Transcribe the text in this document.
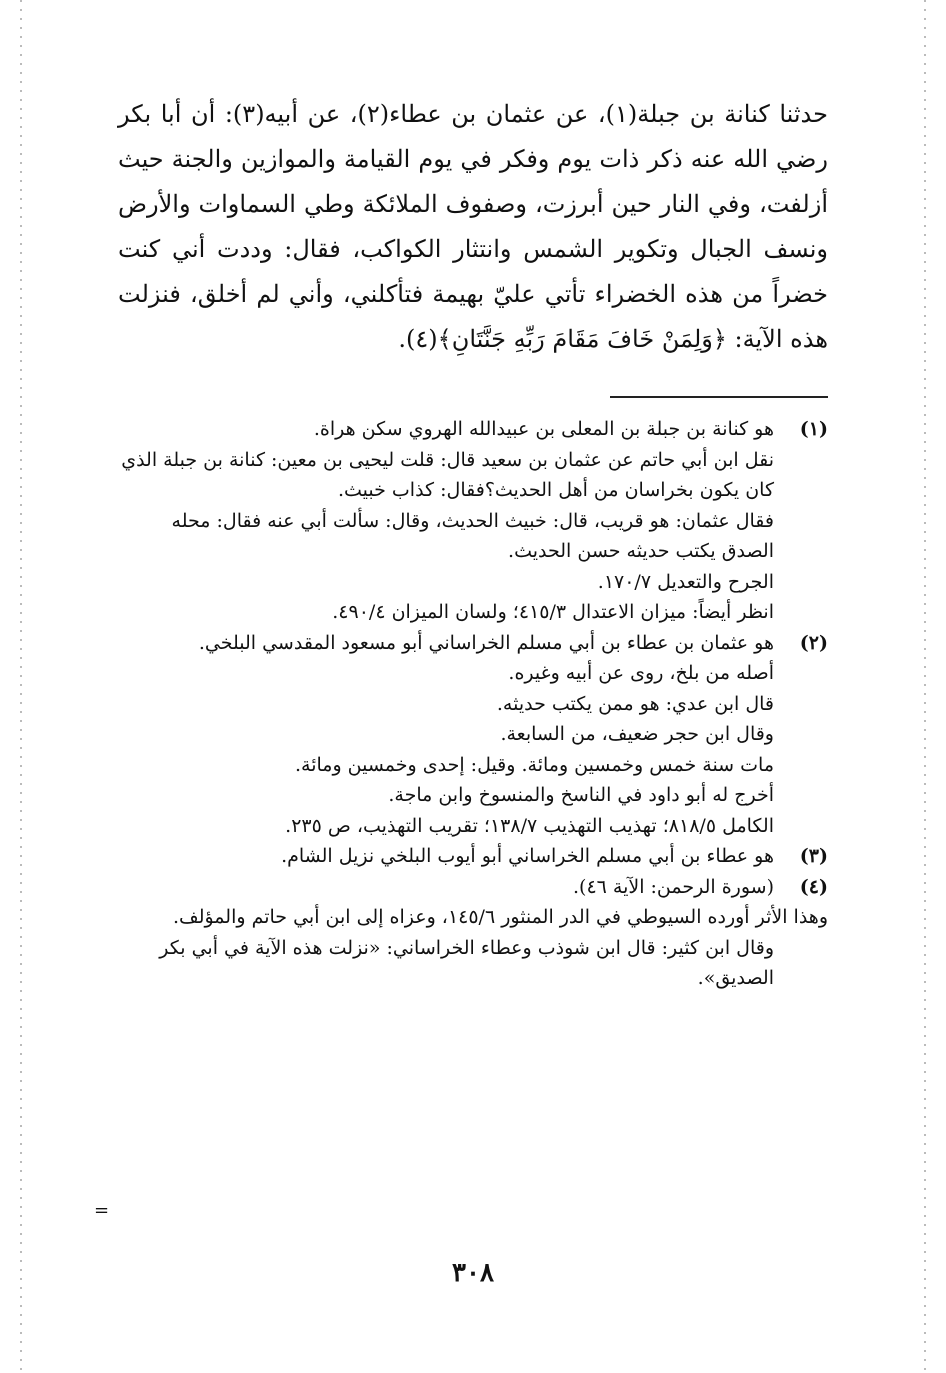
حدثنا كنانة بن جبلة(١)، عن عثمان بن عطاء(٢)، عن أبيه(٣): أن أبا بكر رضي الله عنه ذكر ذات يوم وفكر في يوم القيامة والموازين والجنة حيث أزلفت، وفي النار حين أبرزت، وصفوف الملائكة وطي السماوات والأرض ونسف الجبال وتكوير الشمس وانتثار الكواكب، فقال: وددت أني كنت خضراً من هذه الخضراء تأتي عليّ بهيمة فتأكلني، وأني لم أخلق، فنزلت هذه الآية: ﴿وَلِمَنْ خَافَ مَقَامَ رَبِّهِ جَنَّتَانِ﴾(٤).

(١)
هو كنانة بن جبلة بن المعلى بن عبيدالله الهروي سكن هراة.
نقل ابن أبي حاتم عن عثمان بن سعيد قال: قلت ليحيى بن معين: كنانة بن جبلة الذي كان يكون بخراسان من أهل الحديث؟فقال: كذاب خبيث.
فقال عثمان: هو قريب، قال: خبيث الحديث، وقال: سألت أبي عنه فقال: محله الصدق يكتب حديثه حسن الحديث.
الجرح والتعديل ١٧٠/٧.
انظر أيضاً: ميزان الاعتدال ٤١٥/٣؛ ولسان الميزان ٤٩٠/٤.
(٢)
هو عثمان بن عطاء بن أبي مسلم الخراساني أبو مسعود المقدسي البلخي.
أصله من بلخ، روى عن أبيه وغيره.
قال ابن عدي: هو ممن يكتب حديثه.
وقال ابن حجر ضعيف، من السابعة.
مات سنة خمس وخمسين ومائة. وقيل: إحدى وخمسين ومائة.
أخرج له أبو داود في الناسخ والمنسوخ وابن ماجة.
الكامل ٨١٨/٥؛ تهذيب التهذيب ١٣٨/٧؛ تقريب التهذيب، ص ٢٣٥.
(٣)
هو عطاء بن أبي مسلم الخراساني أبو أيوب البلخي نزيل الشام.
(٤)
(سورة الرحمن: الآية ٤٦).
وهذا الأثر أورده السيوطي في الدر المنثور ١٤٥/٦، وعزاه إلى ابن أبي حاتم والمؤلف.
وقال ابن كثير: قال ابن شوذب وعطاء الخراساني: «نزلت هذه الآية في أبي بكر الصديق».
=
٣٠٨
